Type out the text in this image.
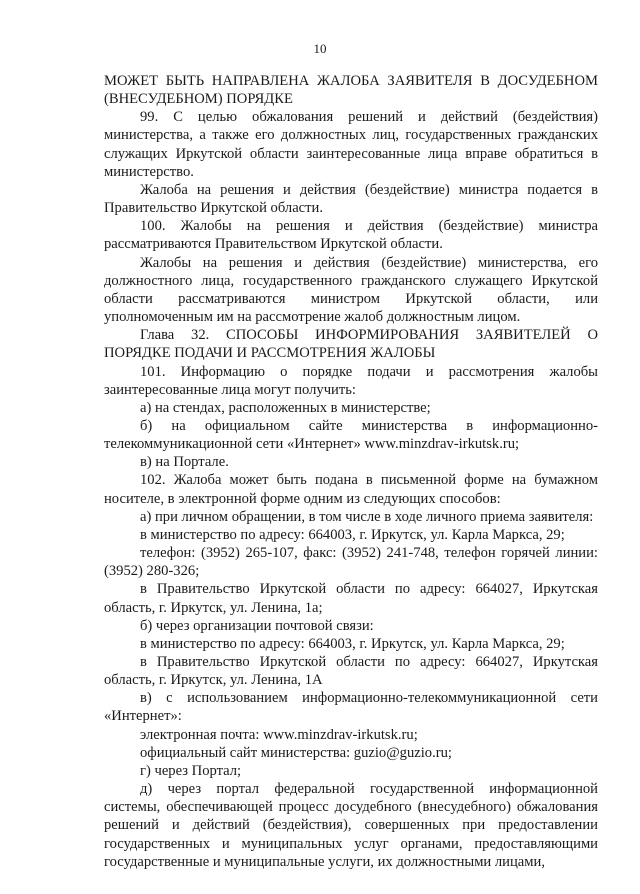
10

МОЖЕТ БЫТЬ НАПРАВЛЕНА ЖАЛОБА ЗАЯВИТЕЛЯ В ДОСУДЕБНОМ (ВНЕСУДЕБНОМ) ПОРЯДКЕ

99. С целью обжалования решений и действий (бездействия) министерства, а также его должностных лиц, государственных гражданских служащих Иркутской области заинтересованные лица вправе обратиться в министерство.

Жалоба на решения и действия (бездействие) министра подается в Правительство Иркутской области.

100. Жалобы на решения и действия (бездействие) министра рассматриваются Правительством Иркутской области.

Жалобы на решения и действия (бездействие) министерства, его должностного лица, государственного гражданского служащего Иркутской области рассматриваются министром Иркутской области, или уполномоченным им на рассмотрение жалоб должностным лицом.

Глава 32. СПОСОБЫ ИНФОРМИРОВАНИЯ ЗАЯВИТЕЛЕЙ О ПОРЯДКЕ ПОДАЧИ И РАССМОТРЕНИЯ ЖАЛОБЫ

101. Информацию о порядке подачи и рассмотрения жалобы заинтересованные лица могут получить:

а) на стендах, расположенных в министерстве;

б) на официальном сайте министерства в информационно-телекоммуникационной сети «Интернет» www.minzdrav-irkutsk.ru;

в) на Портале.

102. Жалоба может быть подана в письменной форме на бумажном носителе, в электронной форме одним из следующих способов:

а) при личном обращении, в том числе в ходе личного приема заявителя:

в министерство по адресу: 664003, г. Иркутск, ул. Карла Маркса, 29;

телефон: (3952) 265-107, факс: (3952) 241-748, телефон горячей линии: (3952) 280-326;

в Правительство Иркутской области по адресу: 664027, Иркутская область, г. Иркутск, ул. Ленина, 1а;

б) через организации почтовой связи:

в министерство по адресу: 664003, г. Иркутск, ул. Карла Маркса, 29;

в Правительство Иркутской области по адресу: 664027, Иркутская область, г. Иркутск, ул. Ленина, 1А

в) с использованием информационно-телекоммуникационной сети «Интернет»:

электронная почта: www.minzdrav-irkutsk.ru;

официальный сайт министерства: guzio@guzio.ru;

г) через Портал;

д) через портал федеральной государственной информационной системы, обеспечивающей процесс досудебного (внесудебного) обжалования решений и действий (бездействия), совершенных при предоставлении государственных и муниципальных услуг органами, предоставляющими государственные и муниципальные услуги, их должностными лицами,
